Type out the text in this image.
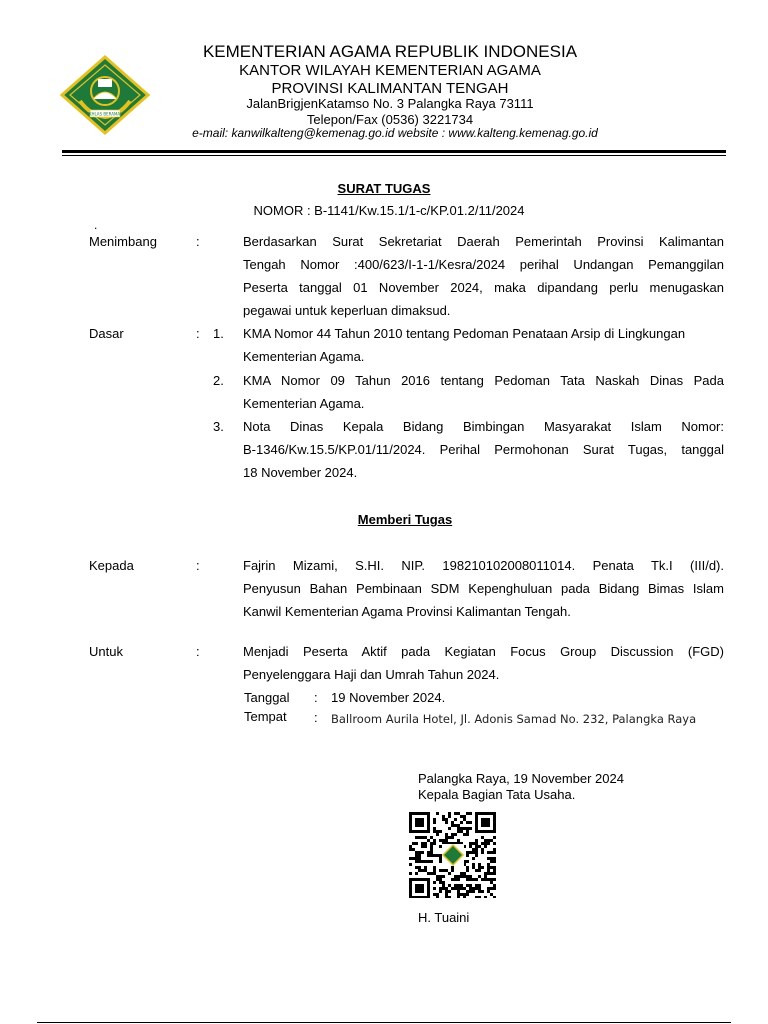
IKHLAS BERAMAL
KEMENTERIAN AGAMA REPUBLIK INDONESIA
KANTOR WILAYAH KEMENTERIAN AGAMA
PROVINSI KALIMANTAN TENGAH
JalanBrigjenKatamso No. 3 Palangka Raya 73111
Telepon/Fax (0536) 3221734
e-mail: kanwilkalteng@kemenag.go.id website : www.kalteng.kemenag.go.id
SURAT TUGAS
NOMOR : B-1141/Kw.15.1/1-c/KP.01.2/11/2024
.
Menimbang	:	Berdasarkan Surat Sekretariat Daerah Pemerintah Provinsi Kalimantan
Tengah Nomor :400/623/I-1-1/Kesra/2024 perihal Undangan Pemanggilan
Peserta tanggal 01 November 2024, maka dipandang perlu menugaskan
pegawai untuk keperluan dimaksud.
Dasar	: 1. KMA Nomor 44 Tahun 2010 tentang Pedoman Penataan Arsip di Lingkungan
Kementerian Agama.
2. KMA Nomor 09 Tahun 2016 tentang Pedoman Tata Naskah Dinas Pada
Kementerian Agama.
3. Nota Dinas Kepala Bidang Bimbingan Masyarakat Islam Nomor:
B-1346/Kw.15.5/KP.01/11/2024. Perihal Permohonan Surat Tugas, tanggal
18 November 2024.
Memberi Tugas
Kepada	:	Fajrin Mizami, S.HI. NIP. 198210102008011014. Penata Tk.I (III/d).
Penyusun Bahan Pembinaan SDM Kepenghuluan pada Bidang Bimas Islam
Kanwil Kementerian Agama Provinsi Kalimantan Tengah.
Untuk	:	Menjadi Peserta Aktif pada Kegiatan Focus Group Discussion (FGD)
Penyelenggara Haji dan Umrah Tahun 2024.
Tanggal : 19 November 2024.
Tempat : Ballroom Aurila Hotel, Jl. Adonis Samad No. 232, Palangka Raya
Palangka Raya, 19 November 2024
Kepala Bagian Tata Usaha.
H. Tuaini
